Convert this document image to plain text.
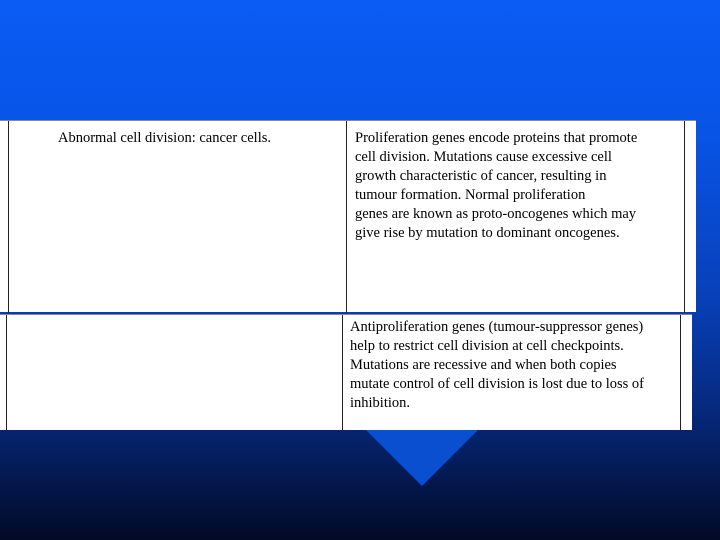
Abnormal cell division: cancer cells.	Proliferation genes encode proteins that promote
cell division. Mutations cause excessive cell
growth characteristic of cancer, resulting in
tumour formation. Normal proliferation
genes are known as proto-oncogenes which may
give rise by mutation to dominant oncogenes.
Antiproliferation genes (tumour-suppressor genes)
help to restrict cell division at cell checkpoints.
Mutations are recessive and when both copies
mutate control of cell division is lost due to loss of
inhibition.
